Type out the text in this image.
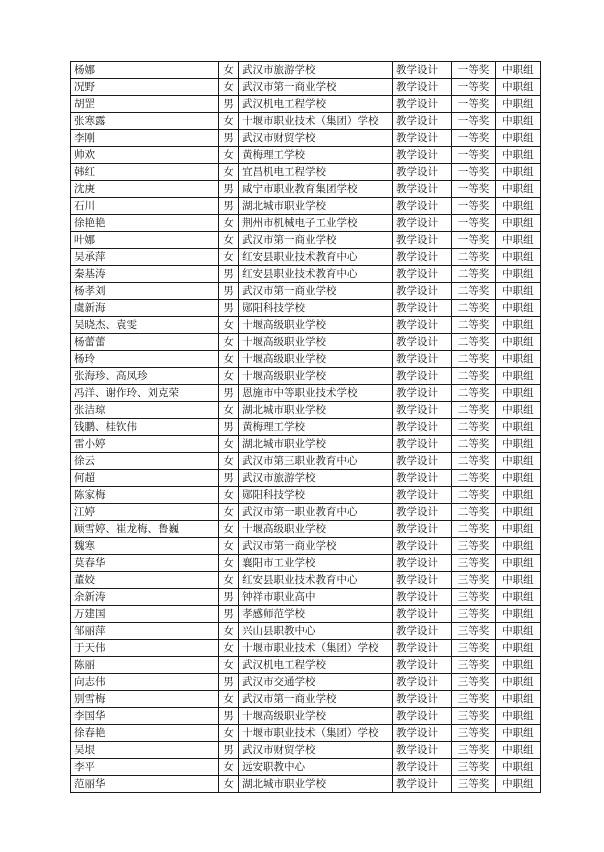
杨娜	女	武汉市旅游学校	教学设计	一等奖	中职组
况野	女	武汉市第一商业学校	教学设计	一等奖	中职组
胡罡	男	武汉机电工程学校	教学设计	一等奖	中职组
张寒露	女	十堰市职业技术（集团）学校	教学设计	一等奖	中职组
李刚	男	武汉市财贸学校	教学设计	一等奖	中职组
帅欢	女	黄梅理工学校	教学设计	一等奖	中职组
韩红	女	宜昌机电工程学校	教学设计	一等奖	中职组
沈庚	男	咸宁市职业教育集团学校	教学设计	一等奖	中职组
石川	男	湖北城市职业学校	教学设计	一等奖	中职组
徐艳艳	女	荆州市机械电子工业学校	教学设计	一等奖	中职组
叶娜	女	武汉市第一商业学校	教学设计	一等奖	中职组
吴承萍	女	红安县职业技术教育中心	教学设计	二等奖	中职组
秦基涛	男	红安县职业技术教育中心	教学设计	二等奖	中职组
杨孝刘	男	武汉市第一商业学校	教学设计	二等奖	中职组
虞新海	男	郧阳科技学校	教学设计	二等奖	中职组
吴晓杰、袁雯	女	十堰高级职业学校	教学设计	二等奖	中职组
杨蕾蕾	女	十堰高级职业学校	教学设计	二等奖	中职组
杨玲	女	十堰高级职业学校	教学设计	二等奖	中职组
张海珍、高凤珍	女	十堰高级职业学校	教学设计	二等奖	中职组
冯洋、谢作玲、刘克荣	男	恩施市中等职业技术学校	教学设计	二等奖	中职组
张洁琼	女	湖北城市职业学校	教学设计	二等奖	中职组
钱鹏、桂钦伟	男	黄梅理工学校	教学设计	二等奖	中职组
雷小婷	女	湖北城市职业学校	教学设计	二等奖	中职组
徐云	女	武汉市第三职业教育中心	教学设计	二等奖	中职组
何超	男	武汉市旅游学校	教学设计	二等奖	中职组
陈家梅	女	郧阳科技学校	教学设计	二等奖	中职组
江婷	女	武汉市第一职业教育中心	教学设计	二等奖	中职组
顾雪婷、崔龙梅、鲁巍	女	十堰高级职业学校	教学设计	二等奖	中职组
魏寒	女	武汉市第一商业学校	教学设计	三等奖	中职组
莫春华	女	襄阳市工业学校	教学设计	三等奖	中职组
董姣	女	红安县职业技术教育中心	教学设计	三等奖	中职组
余新涛	男	钟祥市职业高中	教学设计	三等奖	中职组
万建国	男	孝感师范学校	教学设计	三等奖	中职组
邹丽萍	女	兴山县职教中心	教学设计	三等奖	中职组
于天伟	女	十堰市职业技术（集团）学校	教学设计	三等奖	中职组
陈丽	女	武汉机电工程学校	教学设计	三等奖	中职组
向志伟	男	武汉市交通学校	教学设计	三等奖	中职组
别雪梅	女	武汉市第一商业学校	教学设计	三等奖	中职组
李国华	男	十堰高级职业学校	教学设计	三等奖	中职组
徐春艳	女	十堰市职业技术（集团）学校	教学设计	三等奖	中职组
吴垠	男	武汉市财贸学校	教学设计	三等奖	中职组
李平	女	远安职教中心	教学设计	三等奖	中职组
范丽华	女	湖北城市职业学校	教学设计	三等奖	中职组
